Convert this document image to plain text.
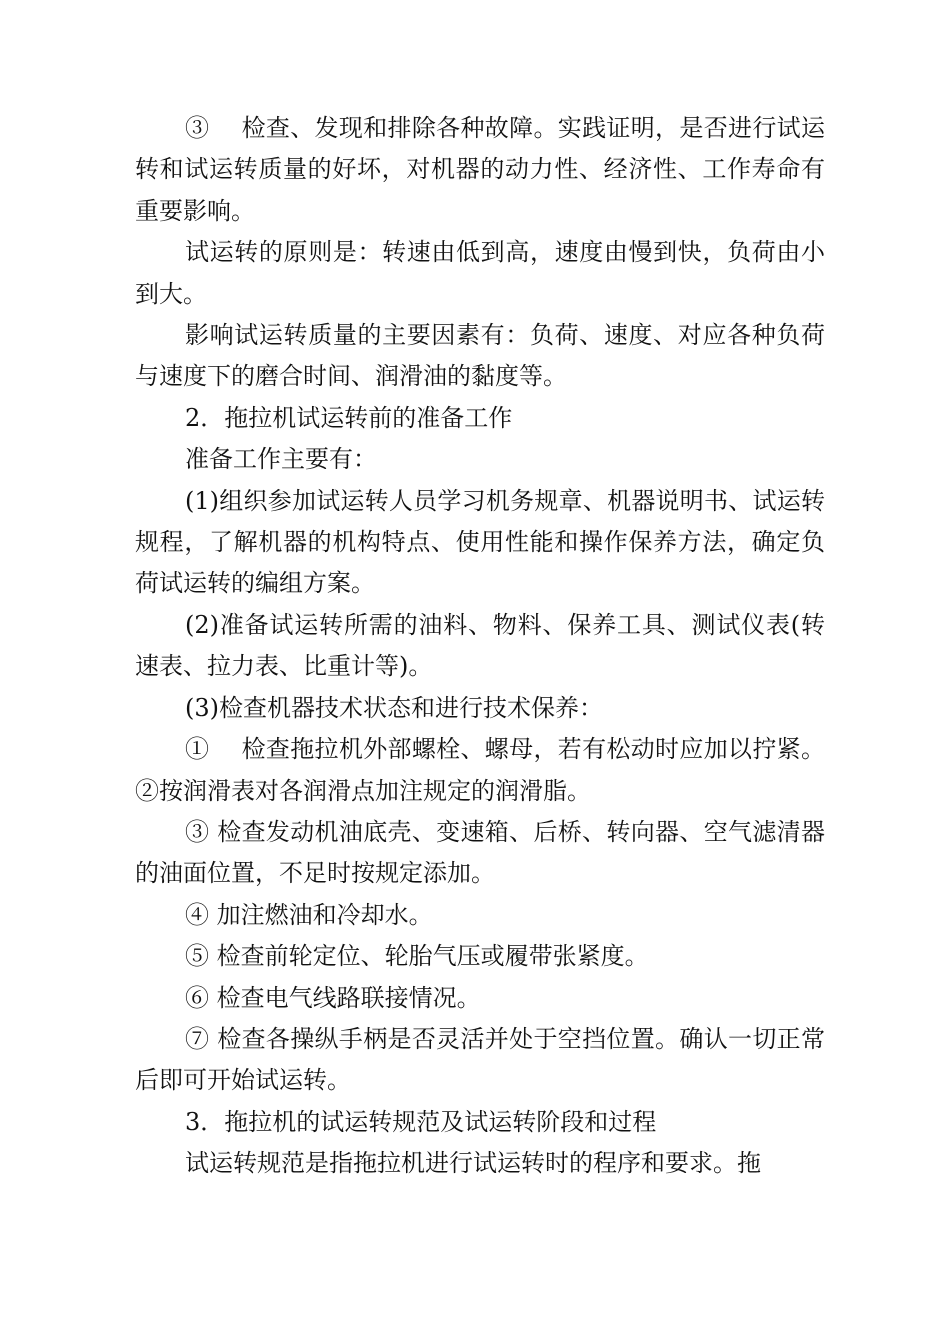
③　 检查、发现和排除各种故障。实践证明，是否进行试运转和试运转质量的好坏，对机器的动力性、经济性、工作寿命有重要影响。

试运转的原则是：转速由低到高，速度由慢到快，负荷由小到大。

影响试运转质量的主要因素有：负荷、速度、对应各种负荷与速度下的磨合时间、润滑油的黏度等。

2．拖拉机试运转前的准备工作

准备工作主要有：

(1)组织参加试运转人员学习机务规章、机器说明书、试运转规程，了解机器的机构特点、使用性能和操作保养方法，确定负荷试运转的编组方案。

(2)准备试运转所需的油料、物料、保养工具、测试仪表(转速表、拉力表、比重计等)。

(3)检查机器技术状态和进行技术保养：

①　 检查拖拉机外部螺栓、螺母，若有松动时应加以拧紧。②按润滑表对各润滑点加注规定的润滑脂。

③ 检查发动机油底壳、变速箱、后桥、转向器、空气滤清器的油面位置，不足时按规定添加。

④ 加注燃油和冷却水。

⑤ 检查前轮定位、轮胎气压或履带张紧度。

⑥ 检查电气线路联接情况。

⑦ 检查各操纵手柄是否灵活并处于空挡位置。确认一切正常后即可开始试运转。

3．拖拉机的试运转规范及试运转阶段和过程

试运转规范是指拖拉机进行试运转时的程序和要求。拖
